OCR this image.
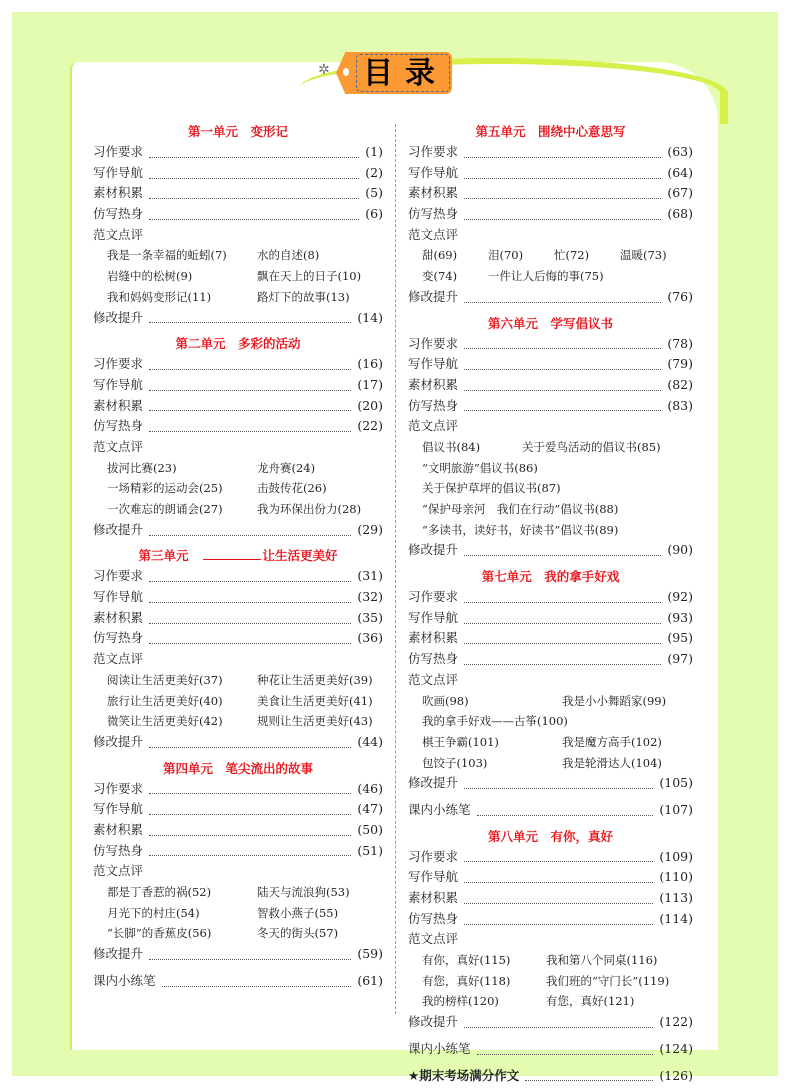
✲ 目录
第一单元　变形记
习作要求	(1)
写作导航	(2)
素材积累	(5)
仿写热身	(6)
范文点评
我是一条幸福的蚯蚓(7)	水的自述(8)
岩缝中的松树(9)	飘在天上的日子(10)
我和妈妈变形记(11)	路灯下的故事(13)
修改提升	(14)
第二单元　多彩的活动
习作要求	(16)
写作导航	(17)
素材积累	(20)
仿写热身	(22)
范文点评
拔河比赛(23)	龙舟赛(24)
一场精彩的运动会(25)	击鼓传花(26)
一次难忘的朗诵会(27)	我为环保出份力(28)
修改提升	(29)
第三单元	让生活更美好
习作要求	(31)
写作导航	(32)
素材积累	(35)
仿写热身	(36)
范文点评
阅读让生活更美好(37)	种花让生活更美好(39)
旅行让生活更美好(40)	美食让生活更美好(41)
微笑让生活更美好(42)	规则让生活更美好(43)
修改提升	(44)
第四单元　笔尖流出的故事
习作要求	(46)
写作导航	(47)
素材积累	(50)
仿写热身	(51)
范文点评
都是丁香惹的祸(52)	陆天与流浪狗(53)
月光下的村庄(54)	智救小燕子(55)
“长脚”的香蕉皮(56)	冬天的街头(57)
修改提升	(59)
课内小练笔	(61)
第五单元　围绕中心意思写
习作要求	(63)
写作导航	(64)
素材积累	(67)
仿写热身	(68)
范文点评
甜(69)	泪(70)	忙(72)	温暖(73)
变(74)	一件让人后悔的事(75)
修改提升	(76)
第六单元　学写倡议书
习作要求	(78)
写作导航	(79)
素材积累	(82)
仿写热身	(83)
范文点评
倡议书(84)	关于爱鸟活动的倡议书(85)
“文明旅游”倡议书(86)
关于保护草坪的倡议书(87)
“保护母亲河　我们在行动”倡议书(88)
“多读书，读好书，好读书”倡议书(89)
修改提升	(90)
第七单元　我的拿手好戏
习作要求	(92)
写作导航	(93)
素材积累	(95)
仿写热身	(97)
范文点评
吹画(98)	我是小小舞蹈家(99)
我的拿手好戏——古筝(100)
棋王争霸(101)	我是魔方高手(102)
包饺子(103)	我是轮滑达人(104)
修改提升	(105)
课内小练笔	(107)
第八单元　有你，真好
习作要求	(109)
写作导航	(110)
素材积累	(113)
仿写热身	(114)
范文点评
有你，真好(115)	我和第八个同桌(116)
有您，真好(118)	我们班的“守门长”(119)
我的榜样(120)	有您，真好(121)
修改提升	(122)
课内小练笔	(124)
★期末考场满分作文	(126)
